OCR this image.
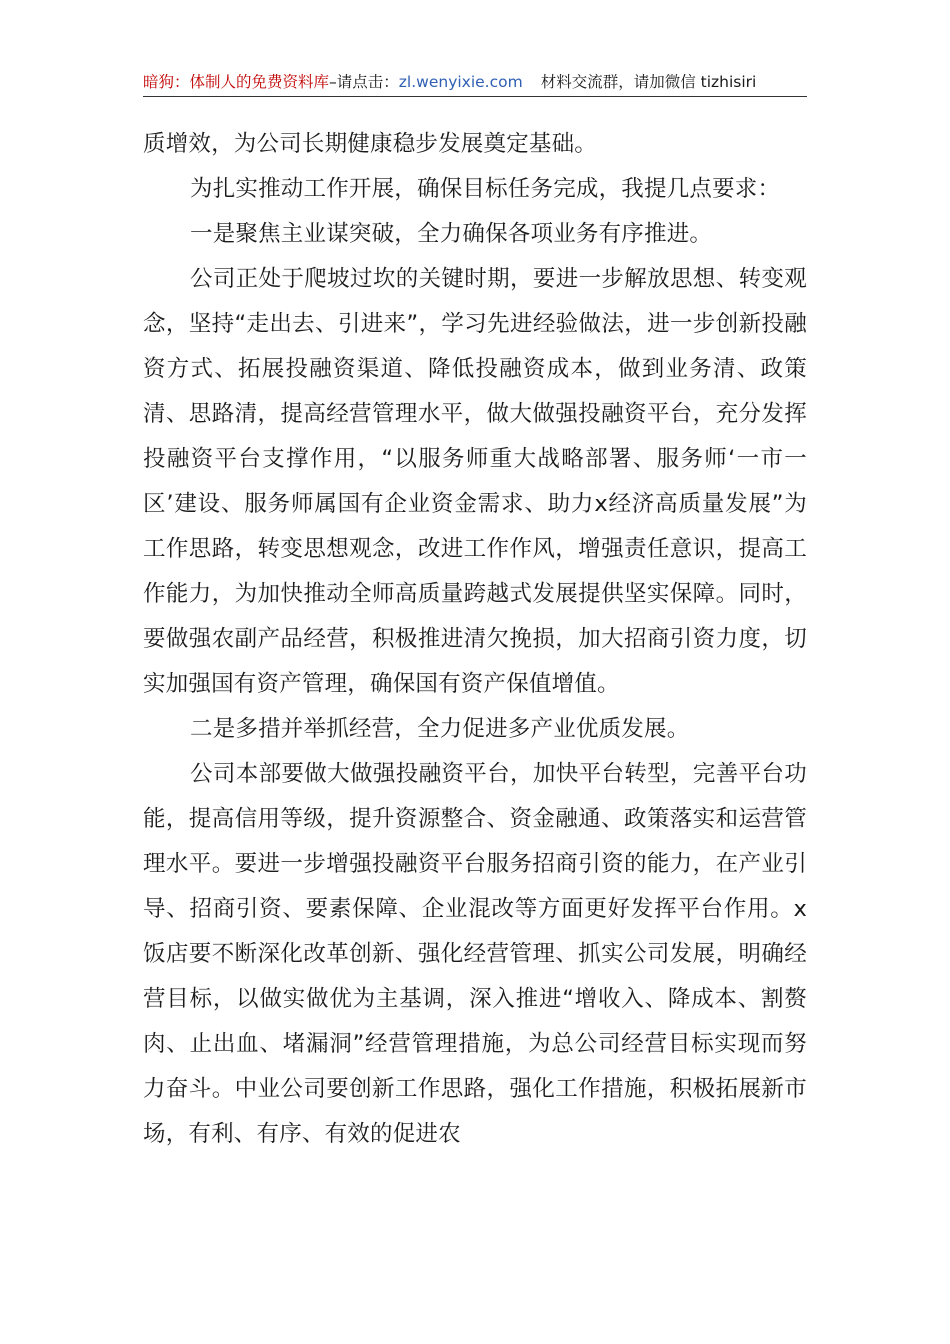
暗狗：体制人的免费资料库–请点击：zl.wenyixie.com 材料交流群，请加微信 tizhisiri

质增效，为公司长期健康稳步发展奠定基础。

为扎实推动工作开展，确保目标任务完成，我提几点要求：

一是聚焦主业谋突破，全力确保各项业务有序推进。

公司正处于爬坡过坎的关键时期，要进一步解放思想、转变观念，坚持“走出去、引进来”，学习先进经验做法，进一步创新投融资方式、拓展投融资渠道、降低投融资成本，做到业务清、政策清、思路清，提高经营管理水平，做大做强投融资平台，充分发挥投融资平台支撑作用，“以服务师重大战略部署、服务师‘一市一区’建设、服务师属国有企业资金需求、助力x经济高质量发展”为工作思路，转变思想观念，改进工作作风，增强责任意识，提高工作能力，为加快推动全师高质量跨越式发展提供坚实保障。同时，要做强农副产品经营，积极推进清欠挽损，加大招商引资力度，切实加强国有资产管理，确保国有资产保值增值。

二是多措并举抓经营，全力促进多产业优质发展。

公司本部要做大做强投融资平台，加快平台转型，完善平台功能，提高信用等级，提升资源整合、资金融通、政策落实和运营管理水平。要进一步增强投融资平台服务招商引资的能力，在产业引导、招商引资、要素保障、企业混改等方面更好发挥平台作用。x饭店要不断深化改革创新、强化经营管理、抓实公司发展，明确经营目标，以做实做优为主基调，深入推进“增收入、降成本、割赘肉、止出血、堵漏洞”经营管理措施，为总公司经营目标实现而努力奋斗。中业公司要创新工作思路，强化工作措施，积极拓展新市场，有利、有序、有效的促进农
